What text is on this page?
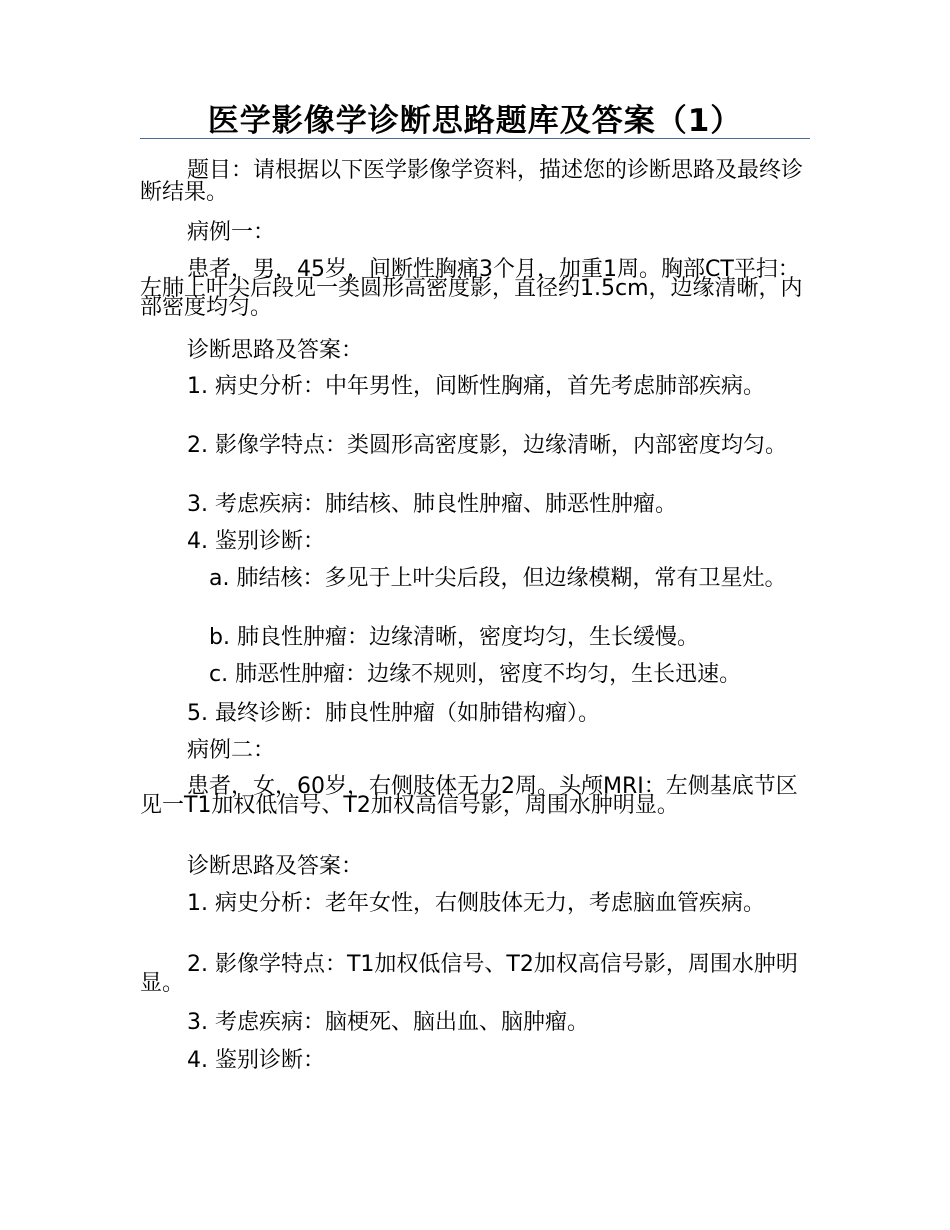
医学影像学诊断思路题库及答案（1）
题目：请根据以下医学影像学资料，描述您的诊断思路及最终诊断结果。
病例一：
患者，男，45岁，间断性胸痛3个月，加重1周。胸部CT平扫：左肺上叶尖后段见一类圆形高密度影，直径约1.5cm，边缘清晰，内部密度均匀。
诊断思路及答案：
1. 病史分析：中年男性，间断性胸痛，首先考虑肺部疾病。
2. 影像学特点：类圆形高密度影，边缘清晰，内部密度均匀。
3. 考虑疾病：肺结核、肺良性肿瘤、肺恶性肿瘤。
4. 鉴别诊断：
a. 肺结核：多见于上叶尖后段，但边缘模糊，常有卫星灶。
b. 肺良性肿瘤：边缘清晰，密度均匀，生长缓慢。
c. 肺恶性肿瘤：边缘不规则，密度不均匀，生长迅速。
5. 最终诊断：肺良性肿瘤（如肺错构瘤）。
病例二：
患者，女，60岁，右侧肢体无力2周。头颅MRI：左侧基底节区见一T1加权低信号、T2加权高信号影，周围水肿明显。
诊断思路及答案：
1. 病史分析：老年女性，右侧肢体无力，考虑脑血管疾病。
2. 影像学特点：T1加权低信号、T2加权高信号影，周围水肿明显。
3. 考虑疾病：脑梗死、脑出血、脑肿瘤。
4. 鉴别诊断：
